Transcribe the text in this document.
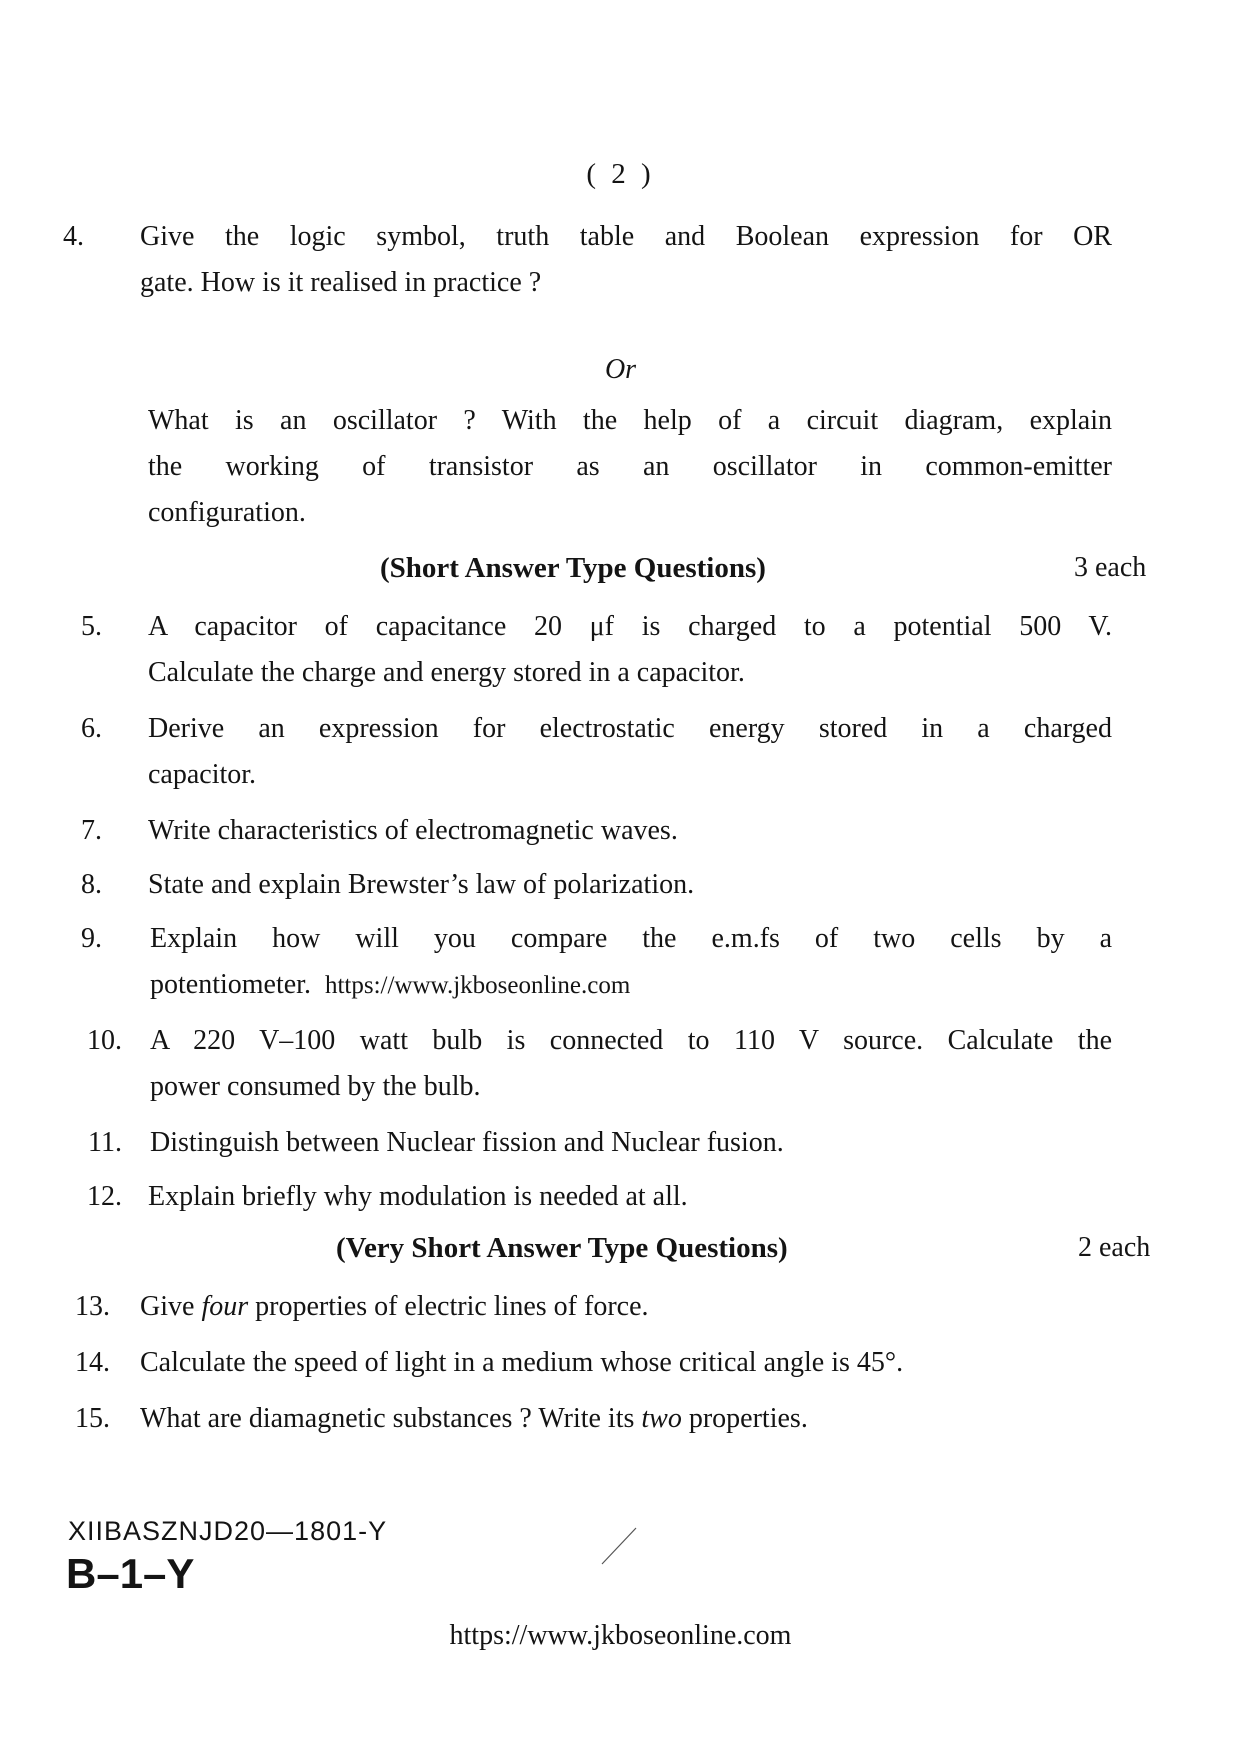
( 2 )
4. Give the logic symbol, truth table and Boolean expression for OR
gate. How is it realised in practice ?
Or
What is an oscillator ? With the help of a circuit diagram, explain
the working of transistor as an oscillator in common-emitter
configuration.
(Short Answer Type Questions)	3 each
5. A capacitor of capacitance 20 μf is charged to a potential 500 V.
Calculate the charge and energy stored in a capacitor.
6. Derive an expression for electrostatic energy stored in a charged
capacitor.
7. Write characteristics of electromagnetic waves.
8. State and explain Brewster’s law of polarization.
9. Explain how will you compare the e.m.fs of two cells by a
potentiometer. https://www.jkboseonline.com
10. A 220 V–100 watt bulb is connected to 110 V source. Calculate the
power consumed by the bulb.
11. Distinguish between Nuclear fission and Nuclear fusion.
12. Explain briefly why modulation is needed at all.
(Very Short Answer Type Questions)	2 each
13. Give four properties of electric lines of force.
14. Calculate the speed of light in a medium whose critical angle is 45°.
15. What are diamagnetic substances ? Write its two properties.
XIIBASZNJD20—1801-Y
B–1–Y
https://www.jkboseonline.com
